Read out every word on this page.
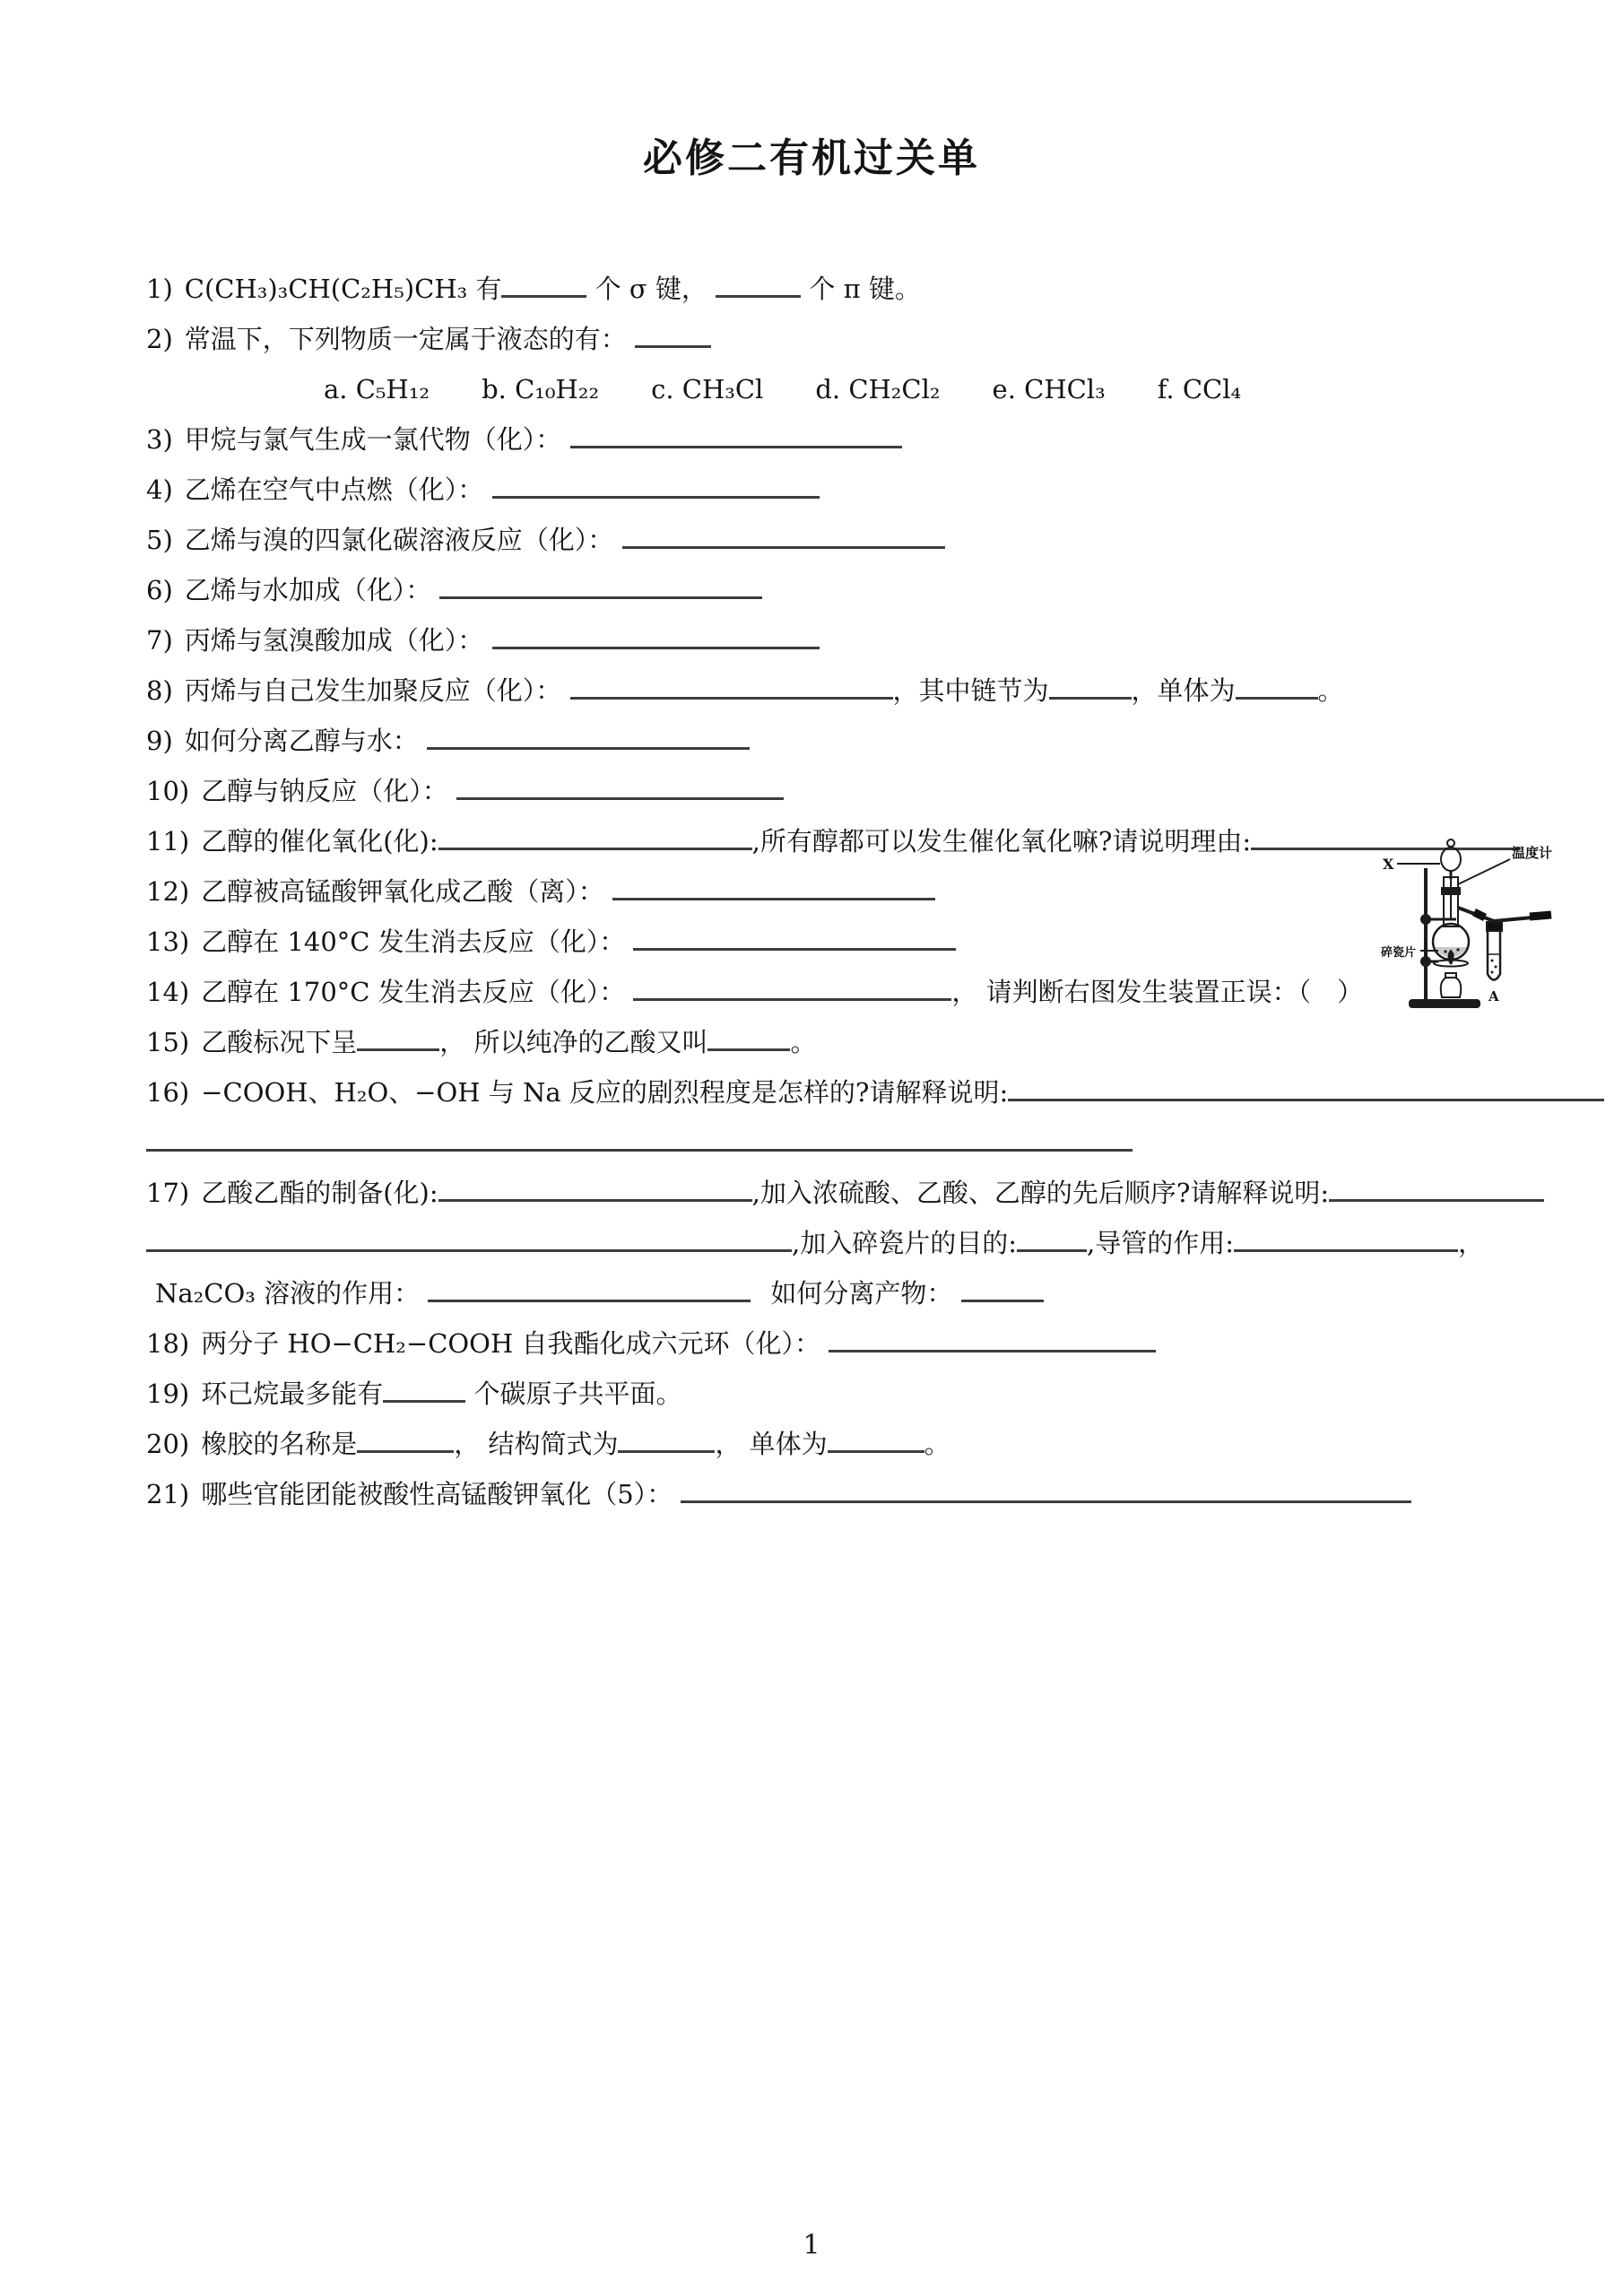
必修二有机过关单
1) C(CH₃)₃CH(C₂H₅)CH₃ 有	个 σ 键，	个 π 键。
2) 常温下，下列物质一定属于液态的有：
a. C₅H₁₂ b. C₁₀H₂₂ c. CH₃Cl d. CH₂Cl₂ e. CHCl₃ f. CCl₄
3) 甲烷与氯气生成一氯代物（化）：
4) 乙烯在空气中点燃（化）：
5) 乙烯与溴的四氯化碳溶液反应（化）：
6) 乙烯与水加成（化）：
7) 丙烯与氢溴酸加成（化）：
8) 丙烯与自己发生加聚反应（化）：	，其中链节为	，单体为	。
9) 如何分离乙醇与水：
10) 乙醇与钠反应（化）：
11) 乙醇的催化氧化(化):	,所有醇都可以发生催化氧化嘛?请说明理由:
12) 乙醇被高锰酸钾氧化成乙酸（离）：
13) 乙醇在 140°C 发生消去反应（化）：
14) 乙醇在 170°C 发生消去反应（化）：	， 请判断右图发生装置正误：（　）
15) 乙酸标况下呈	， 所以纯净的乙酸又叫	。
16) −COOH、H₂O、−OH 与 Na 反应的剧烈程度是怎样的?请解释说明:
17) 乙酸乙酯的制备(化):	,加入浓硫酸、乙酸、乙醇的先后顺序?请解释说明:
,加入碎瓷片的目的:	,导管的作用:	，
Na₂CO₃ 溶液的作用：	如何分离产物：
18) 两分子 HO−CH₂−COOH 自我酯化成六元环（化）：
19) 环己烷最多能有	个碳原子共平面。
20) 橡胶的名称是	， 结构简式为	， 单体为	。
21) 哪些官能团能被酸性高锰酸钾氧化（5）：
X
温度计
碎瓷片
A
1
